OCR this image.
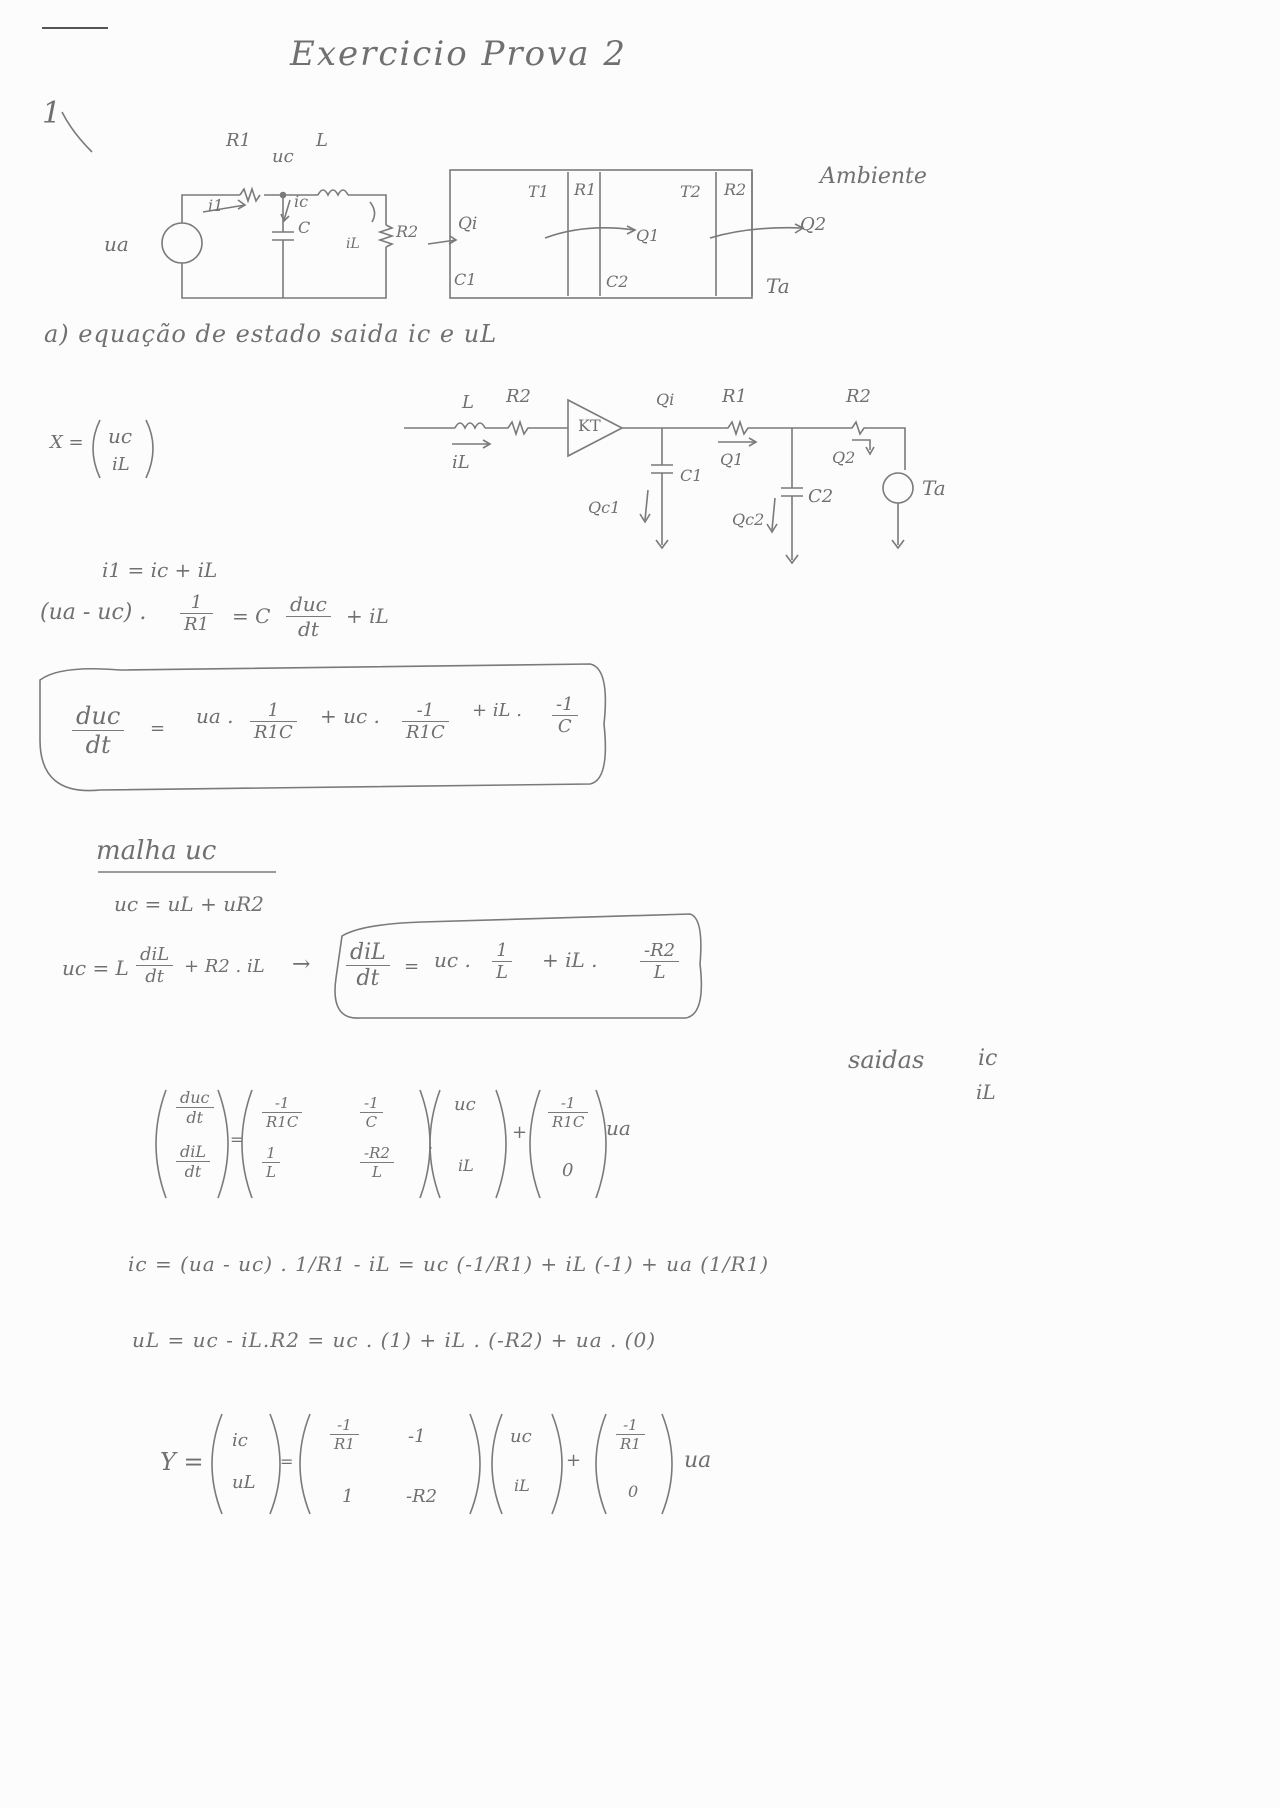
Exercicio Prova 2
1
ua
R1
uc
L
i1	ic
C
iL
R2 Qi
T1 R1	T2 R2
C1	C2
Q1
Q2
Ambiente
Ta
a) equação de estado saida ic e uL
X = uc
iL
L R2
iL
KT
Qi	R1	R2
Q1	Q2
C1
C2
Qc1
Qc2
Ta
i1 = ic + iL
(ua - uc) . $\frac{1}{R1} = C$ duc
dt
+ iL
duc
dt
=
ua . $\frac{1}{R1C}$ + uc . $\frac{-1}{R1C}$ + iL . $\frac{-1}{C}$
malha uc
uc = uL + uR2
uc = L
diL
dt	+ R2 . iL → diL
dt	= uc . $\frac{1}{L}$ + iL . $\frac{-R2}{L}$
saidas ic
iL
duc
dt
diL
dt
=
$\frac{-1}{R1C}$	$\frac{-1}{C}$
$\frac{1}{L}$	$\frac{-R2}{L}$
.
uc
iL
+
$\frac{-1}{R1C}$
0
ua
ic = (ua - uc) . 1/R1 - iL = uc (-1/R1) + iL (-1) + ua (1/R1)
uL = uc - iL.R2 = uc . (1) + iL . (-R2) + ua . (0)
Y =
ic
uL
=
$\frac{-1}{R1}$	-1
1	-R2
uc
iL
+
$\frac{-1}{R1}$
0
ua
